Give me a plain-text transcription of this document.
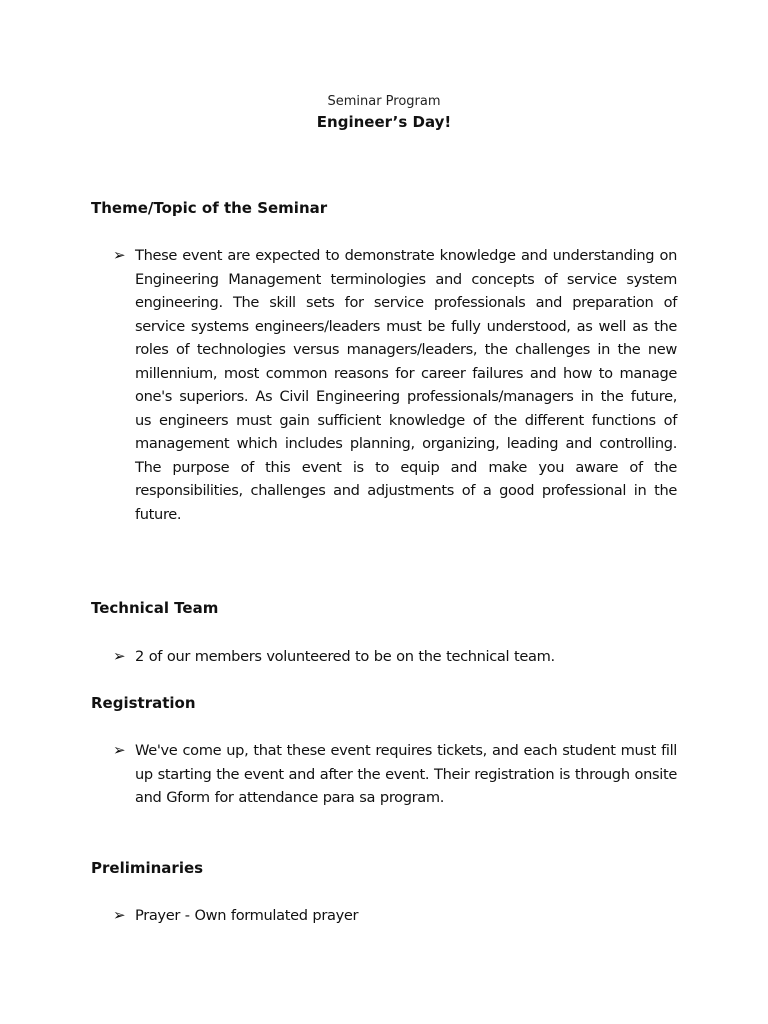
Seminar Program
Engineer’s Day!
Theme/Topic of the Seminar
➢ These event are expected to demonstrate knowledge and understanding on Engineering Management terminologies and concepts of service system engineering. The skill sets for service professionals and preparation of service systems engineers/leaders must be fully understood, as well as the roles of technologies versus managers/leaders, the challenges in the new millennium, most common reasons for career failures and how to manage one's superiors. As Civil Engineering professionals/managers in the future, us engineers must gain sufficient knowledge of the different functions of management which includes planning, organizing, leading and controlling. The purpose of this event is to equip and make you aware of the responsibilities, challenges and adjustments of a good professional in the future.
Technical Team
➢ 2 of our members volunteered to be on the technical team.
Registration
➢ We've come up, that these event requires tickets, and each student must fill up starting the event and after the event. Their registration is through onsite and Gform for attendance para sa program.
Preliminaries
➢ Prayer - Own formulated prayer
